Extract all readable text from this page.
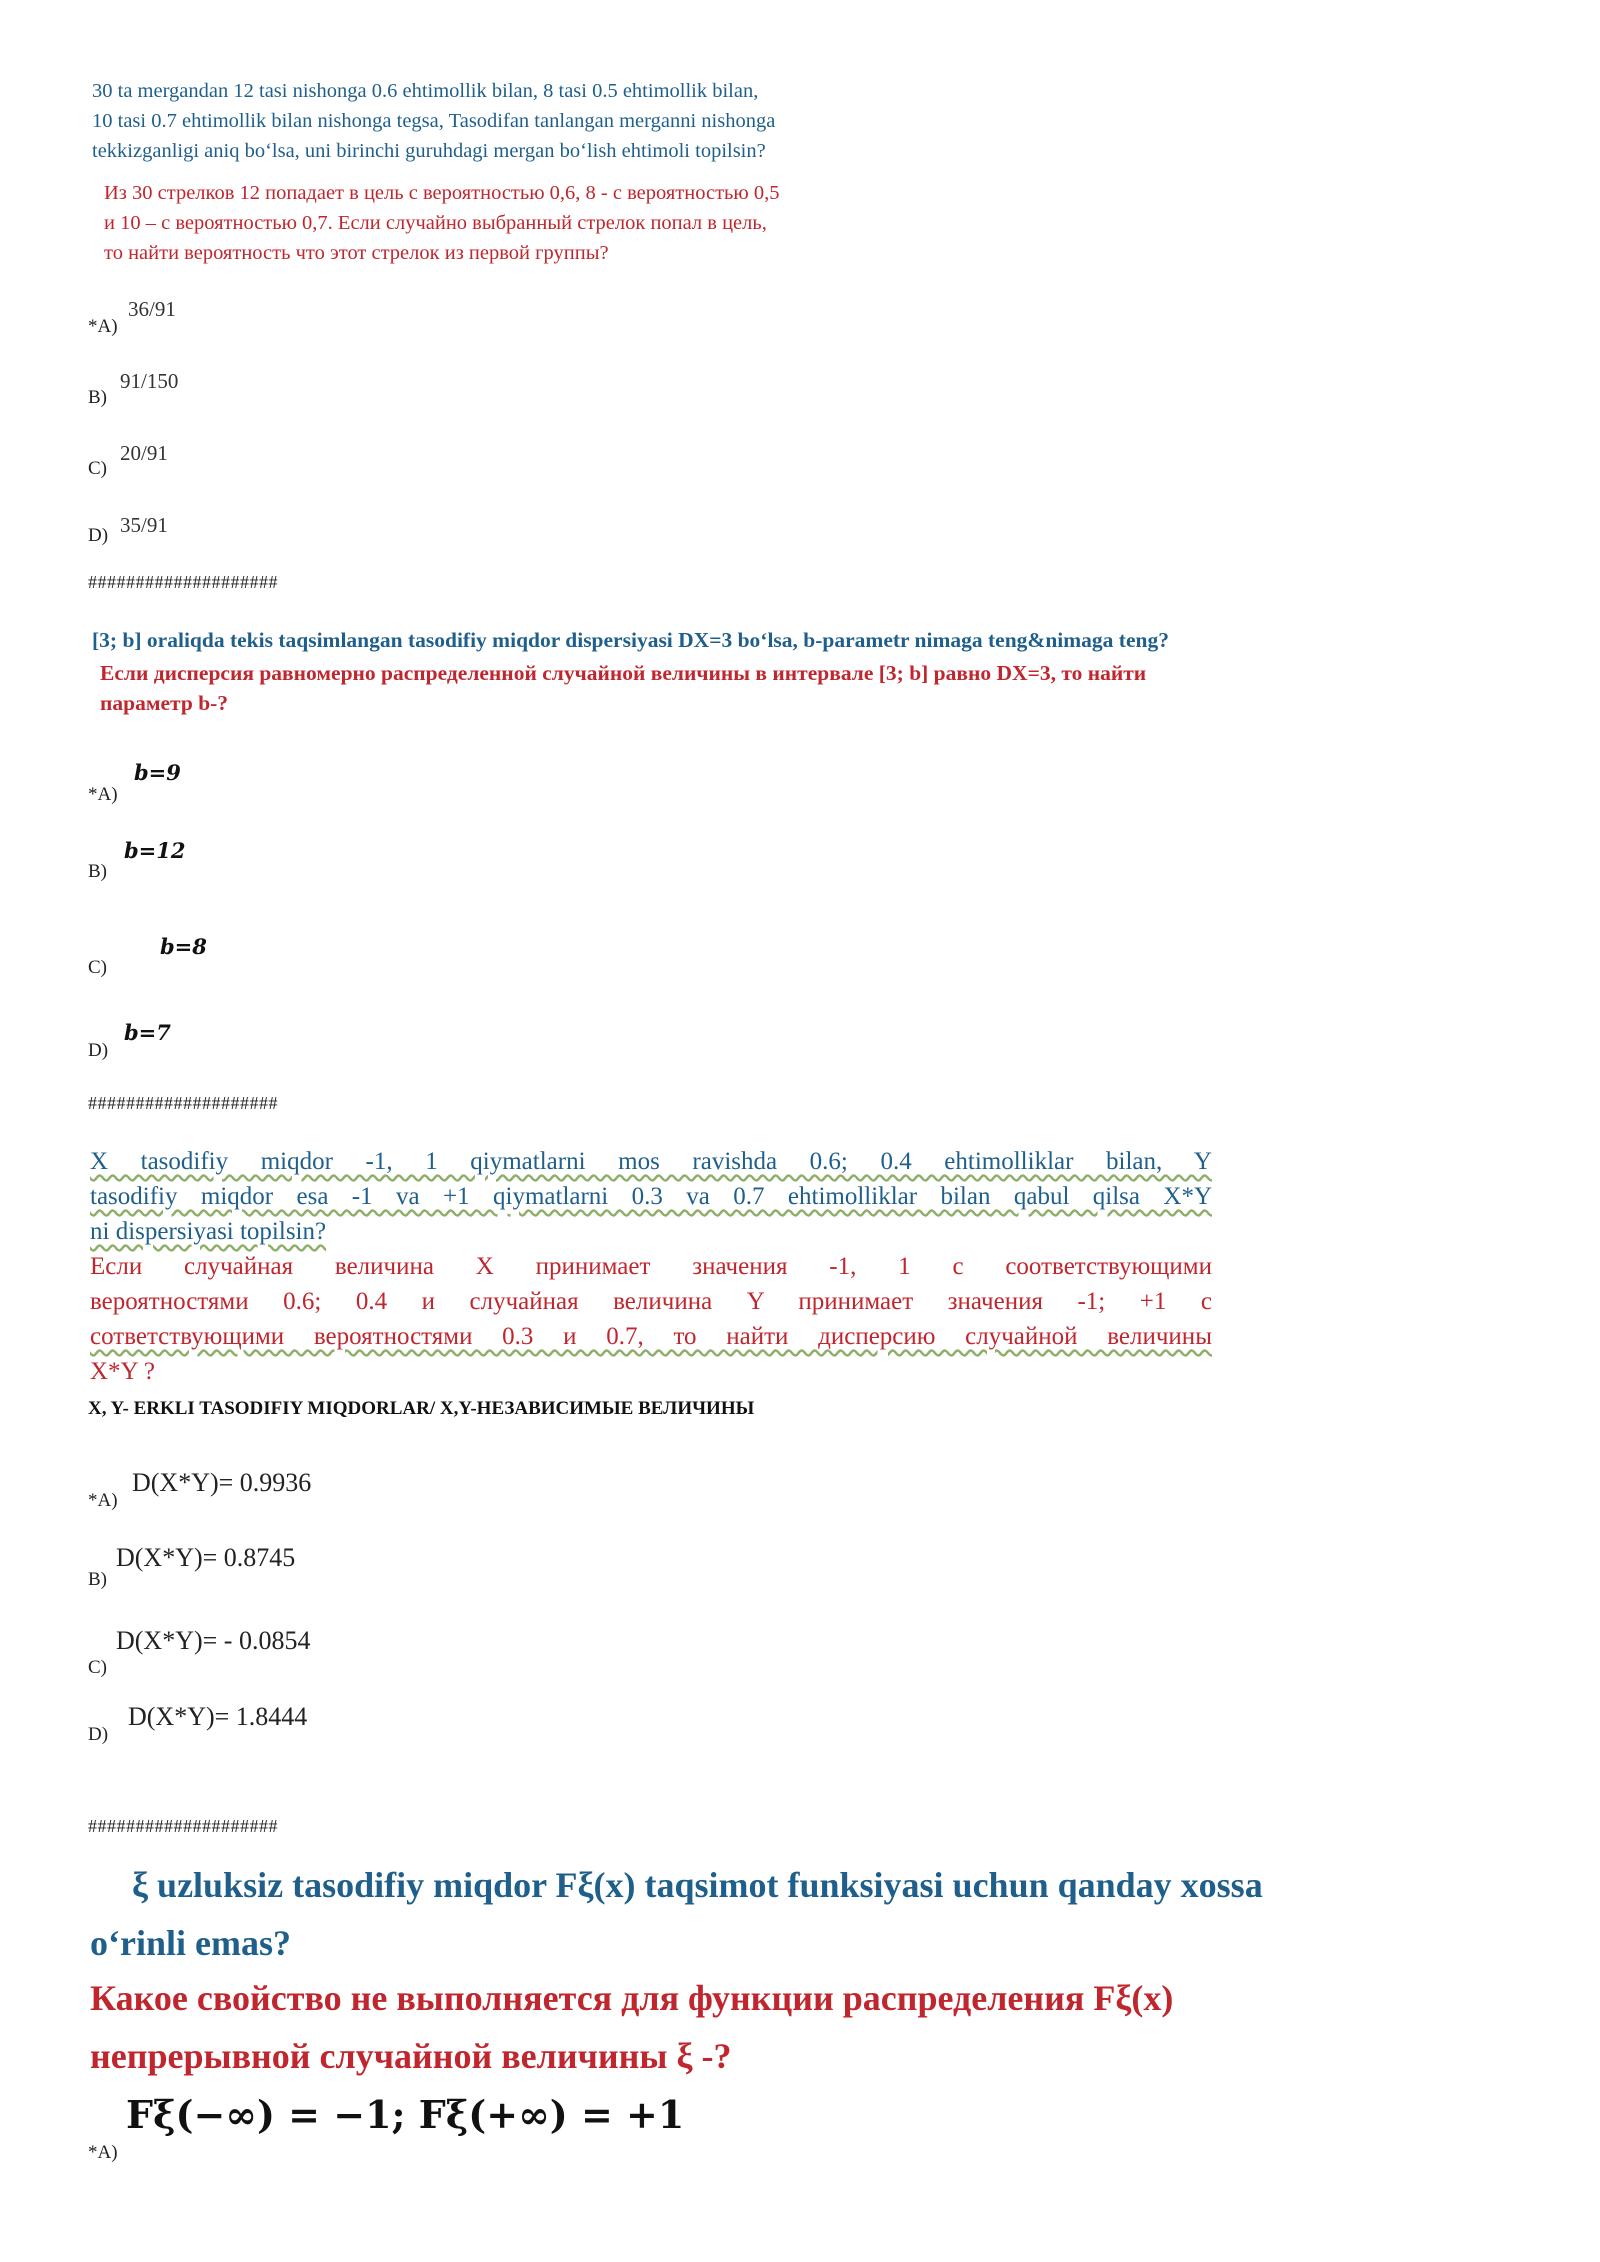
30 ta mergandan 12 tasi nishonga 0.6 ehtimollik bilan, 8 tasi 0.5 ehtimollik bilan,
10 tasi 0.7 ehtimollik bilan nishonga tegsa, Tasodifan tanlangan merganni nishonga
tekkizganligi aniq bo‘lsa, uni birinchi guruhdagi mergan bo‘lish ehtimoli topilsin?
Из 30 стрелков 12 попадает в цель с вероятностью 0,6, 8 - с вероятностью 0,5
и 10 – с вероятностью 0,7. Если случайно выбранный стрелок попал в цель,
то найти вероятность что этот стрелок из первой группы?
*A)
36/91
B)
91/150
C)
20/91
D) 35/91
####################
[3; b] oraliqda tekis taqsimlangan tasodifiy miqdor dispersiyasi DX=3 bo‘lsa, b-parametr nimaga teng&nimaga teng?
Если дисперсия равномерно распределенной случайной величины в интервале [3; b] равно DX=3, то найти
параметр b-?
*A)
b=9
B)
b=12
C)
b=8
D)
b=7
####################
X tasodifiy miqdor -1, 1 qiymatlarni mos ravishda 0.6; 0.4 ehtimolliklar bilan, Y
tasodifiy miqdor esa -1 va +1 qiymatlarni 0.3 va 0.7 ehtimolliklar bilan qabul qilsa X*Y
ni dispersiyasi topilsin?
Если случайная величина X принимает значения -1, 1 с соответствующими
вероятностями 0.6; 0.4 и случайная величина Y принимает значения -1; +1 с
сответствующими вероятностями 0.3 и 0.7, то найти дисперсию случайной величины
X*Y ?
X, Y- ERKLI TASODIFIY MIQDORLAR/ X,Y-НЕЗАВИСИМЫЕ ВЕЛИЧИНЫ
*A)
D(X*Y)= 0.9936
B)
D(X*Y)= 0.8745
C)
D(X*Y)= - 0.0854
D)
D(X*Y)= 1.8444
####################
ξ uzluksiz tasodifiy miqdor Fξ(x) taqsimot funksiyasi uchun qanday xossa
o‘rinli emas?
Какое свойство не выполняется для функции распределения Fξ(x)
непрерывной случайной величины ξ -?
*A)
Fξ(−∞) = −1; Fξ(+∞) = +1
